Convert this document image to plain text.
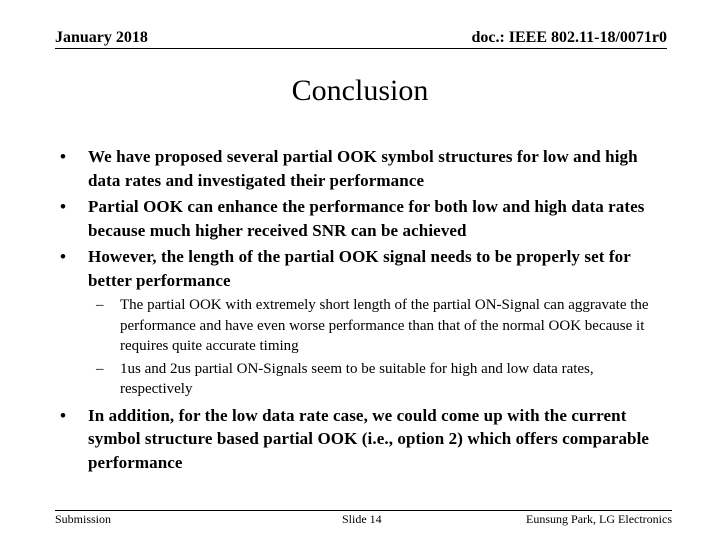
January 2018	doc.: IEEE 802.11-18/0071r0
Conclusion
• We have proposed several partial OOK symbol structures for low and high data rates and investigated their performance
• Partial OOK can enhance the performance for both low and high data rates because much higher received SNR can be achieved
• However, the length of the partial OOK signal needs to be properly set for better performance
– The partial OOK with extremely short length of the partial ON-Signal can aggravate the performance and have even worse performance than that of the normal OOK because it requires quite accurate timing
– 1us and 2us partial ON-Signals seem to be suitable for high and low data rates, respectively
• In addition, for the low data rate case, we could come up with the current symbol structure based partial OOK (i.e., option 2) which offers comparable performance
Submission	Slide 14	Eunsung Park, LG Electronics
